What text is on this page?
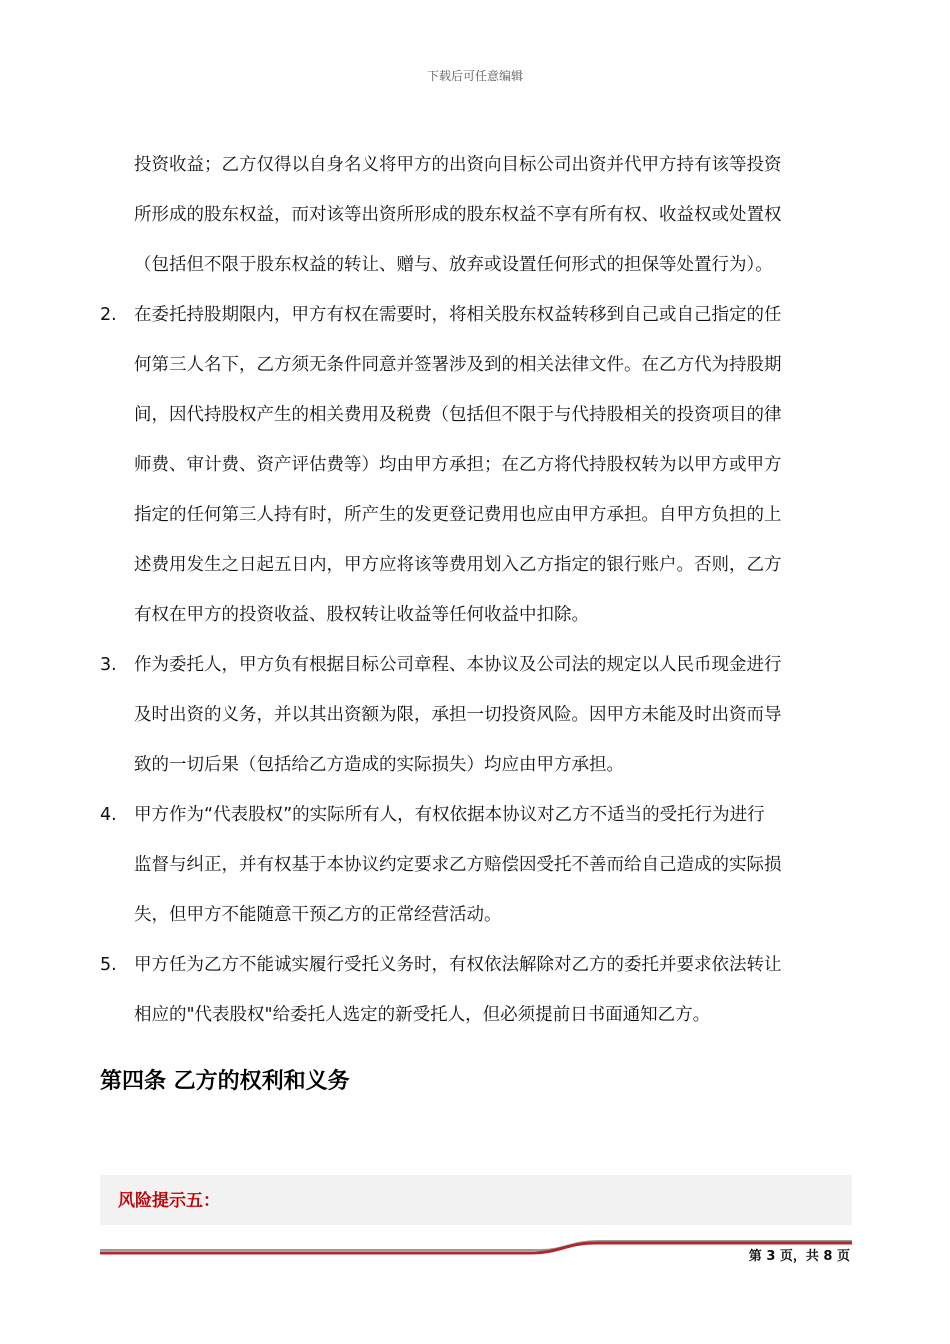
下载后可任意编辑

投资收益；乙方仅得以自身名义将甲方的出资向目标公司出资并代甲方持有该等投资

所形成的股东权益，而对该等出资所形成的股东权益不享有所有权、收益权或处置权

（包括但不限于股东权益的转让、赠与、放弃或设置任何形式的担保等处置行为）。

2. 在委托持股期限内，甲方有权在需要时，将相关股东权益转移到自己或自己指定的任

何第三人名下，乙方须无条件同意并签署涉及到的相关法律文件。在乙方代为持股期

间，因代持股权产生的相关费用及税费（包括但不限于与代持股相关的投资项目的律

师费、审计费、资产评估费等）均由甲方承担；在乙方将代持股权转为以甲方或甲方

指定的任何第三人持有时，所产生的发更登记费用也应由甲方承担。自甲方负担的上

述费用发生之日起五日内，甲方应将该等费用划入乙方指定的银行账户。否则，乙方

有权在甲方的投资收益、股权转让收益等任何收益中扣除。

3. 作为委托人，甲方负有根据目标公司章程、本协议及公司法的规定以人民币现金进行

及时出资的义务，并以其出资额为限，承担一切投资风险。因甲方未能及时出资而导

致的一切后果（包括给乙方造成的实际损失）均应由甲方承担。

4. 甲方作为“代表股权”的实际所有人，有权依据本协议对乙方不适当的受托行为进行

监督与纠正，并有权基于本协议约定要求乙方赔偿因受托不善而给自己造成的实际损

失，但甲方不能随意干预乙方的正常经营活动。

5. 甲方任为乙方不能诚实履行受托义务时，有权依法解除对乙方的委托并要求依法转让

相应的"代表股权"给委托人选定的新受托人，但必须提前日书面通知乙方。

第四条 乙方的权利和义务
风险提示五：
第 3 页，共 8 页
